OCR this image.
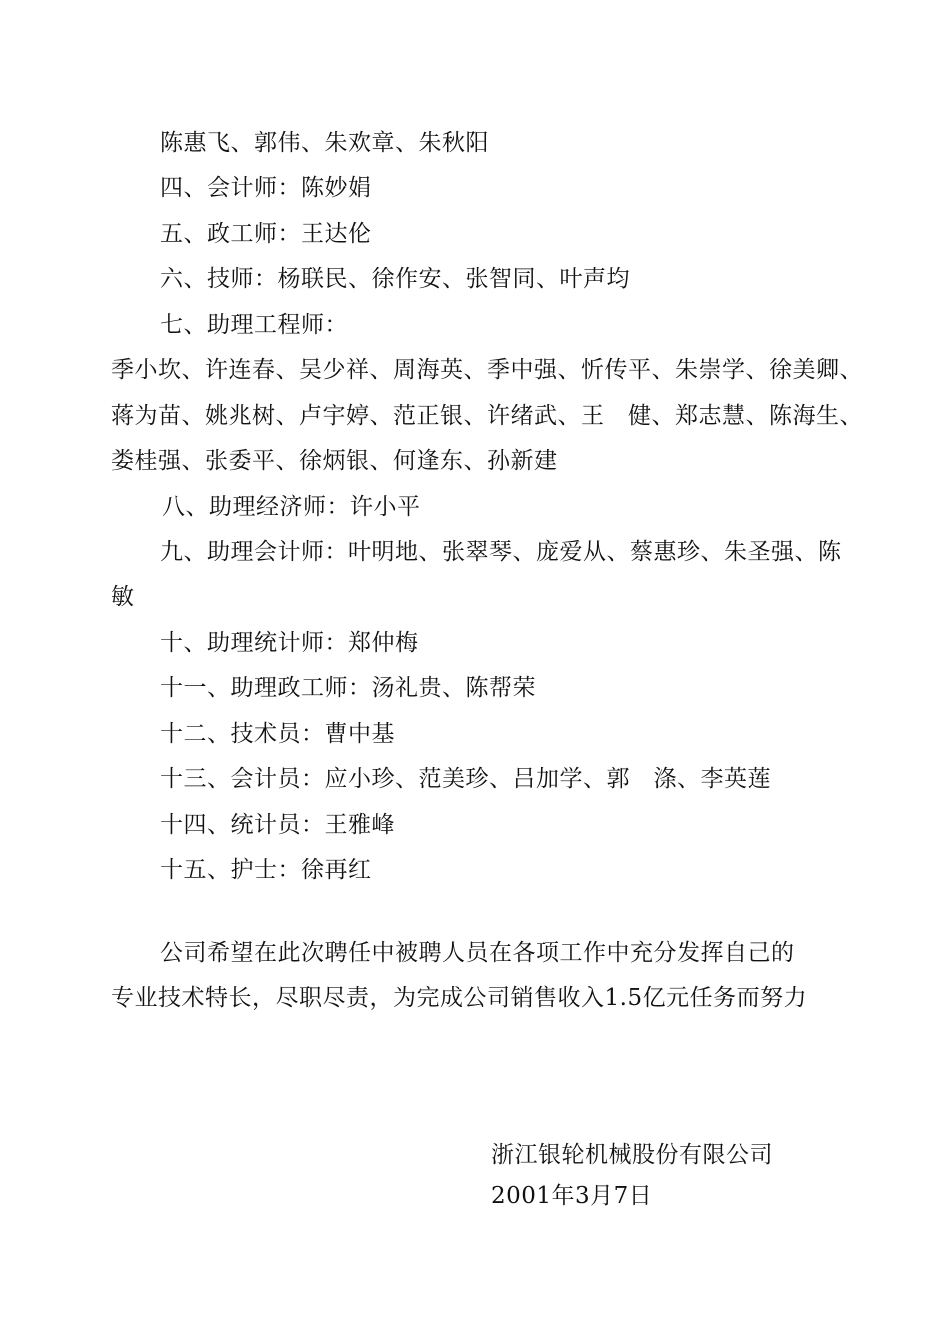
陈惠飞、郭伟、朱欢章、朱秋阳
四、会计师：陈妙娟
五、政工师：王达伦
六、技师：杨联民、徐作安、张智同、叶声均
七、助理工程师：
季小坎、许连春、吴少祥、周海英、季中强、忻传平、朱崇学、徐美卿、
蒋为苗、姚兆树、卢宇婷、范正银、许绪武、王　健、郑志慧、陈海生、
娄桂强、张委平、徐炳银、何逢东、孙新建
八、助理经济师：许小平
九、助理会计师：叶明地、张翠琴、庞爱从、蔡惠珍、朱圣强、陈
敏
十、助理统计师：郑仲梅
十一、助理政工师：汤礼贵、陈帮荣
十二、技术员：曹中基
十三、会计员：应小珍、范美珍、吕加学、郭　涤、李英莲
十四、统计员：王雅峰
十五、护士：徐再红
公司希望在此次聘任中被聘人员在各项工作中充分发挥自己的
专业技术特长，尽职尽责，为完成公司销售收入1.5亿元任务而努力
浙江银轮机械股份有限公司
2001年3月7日
